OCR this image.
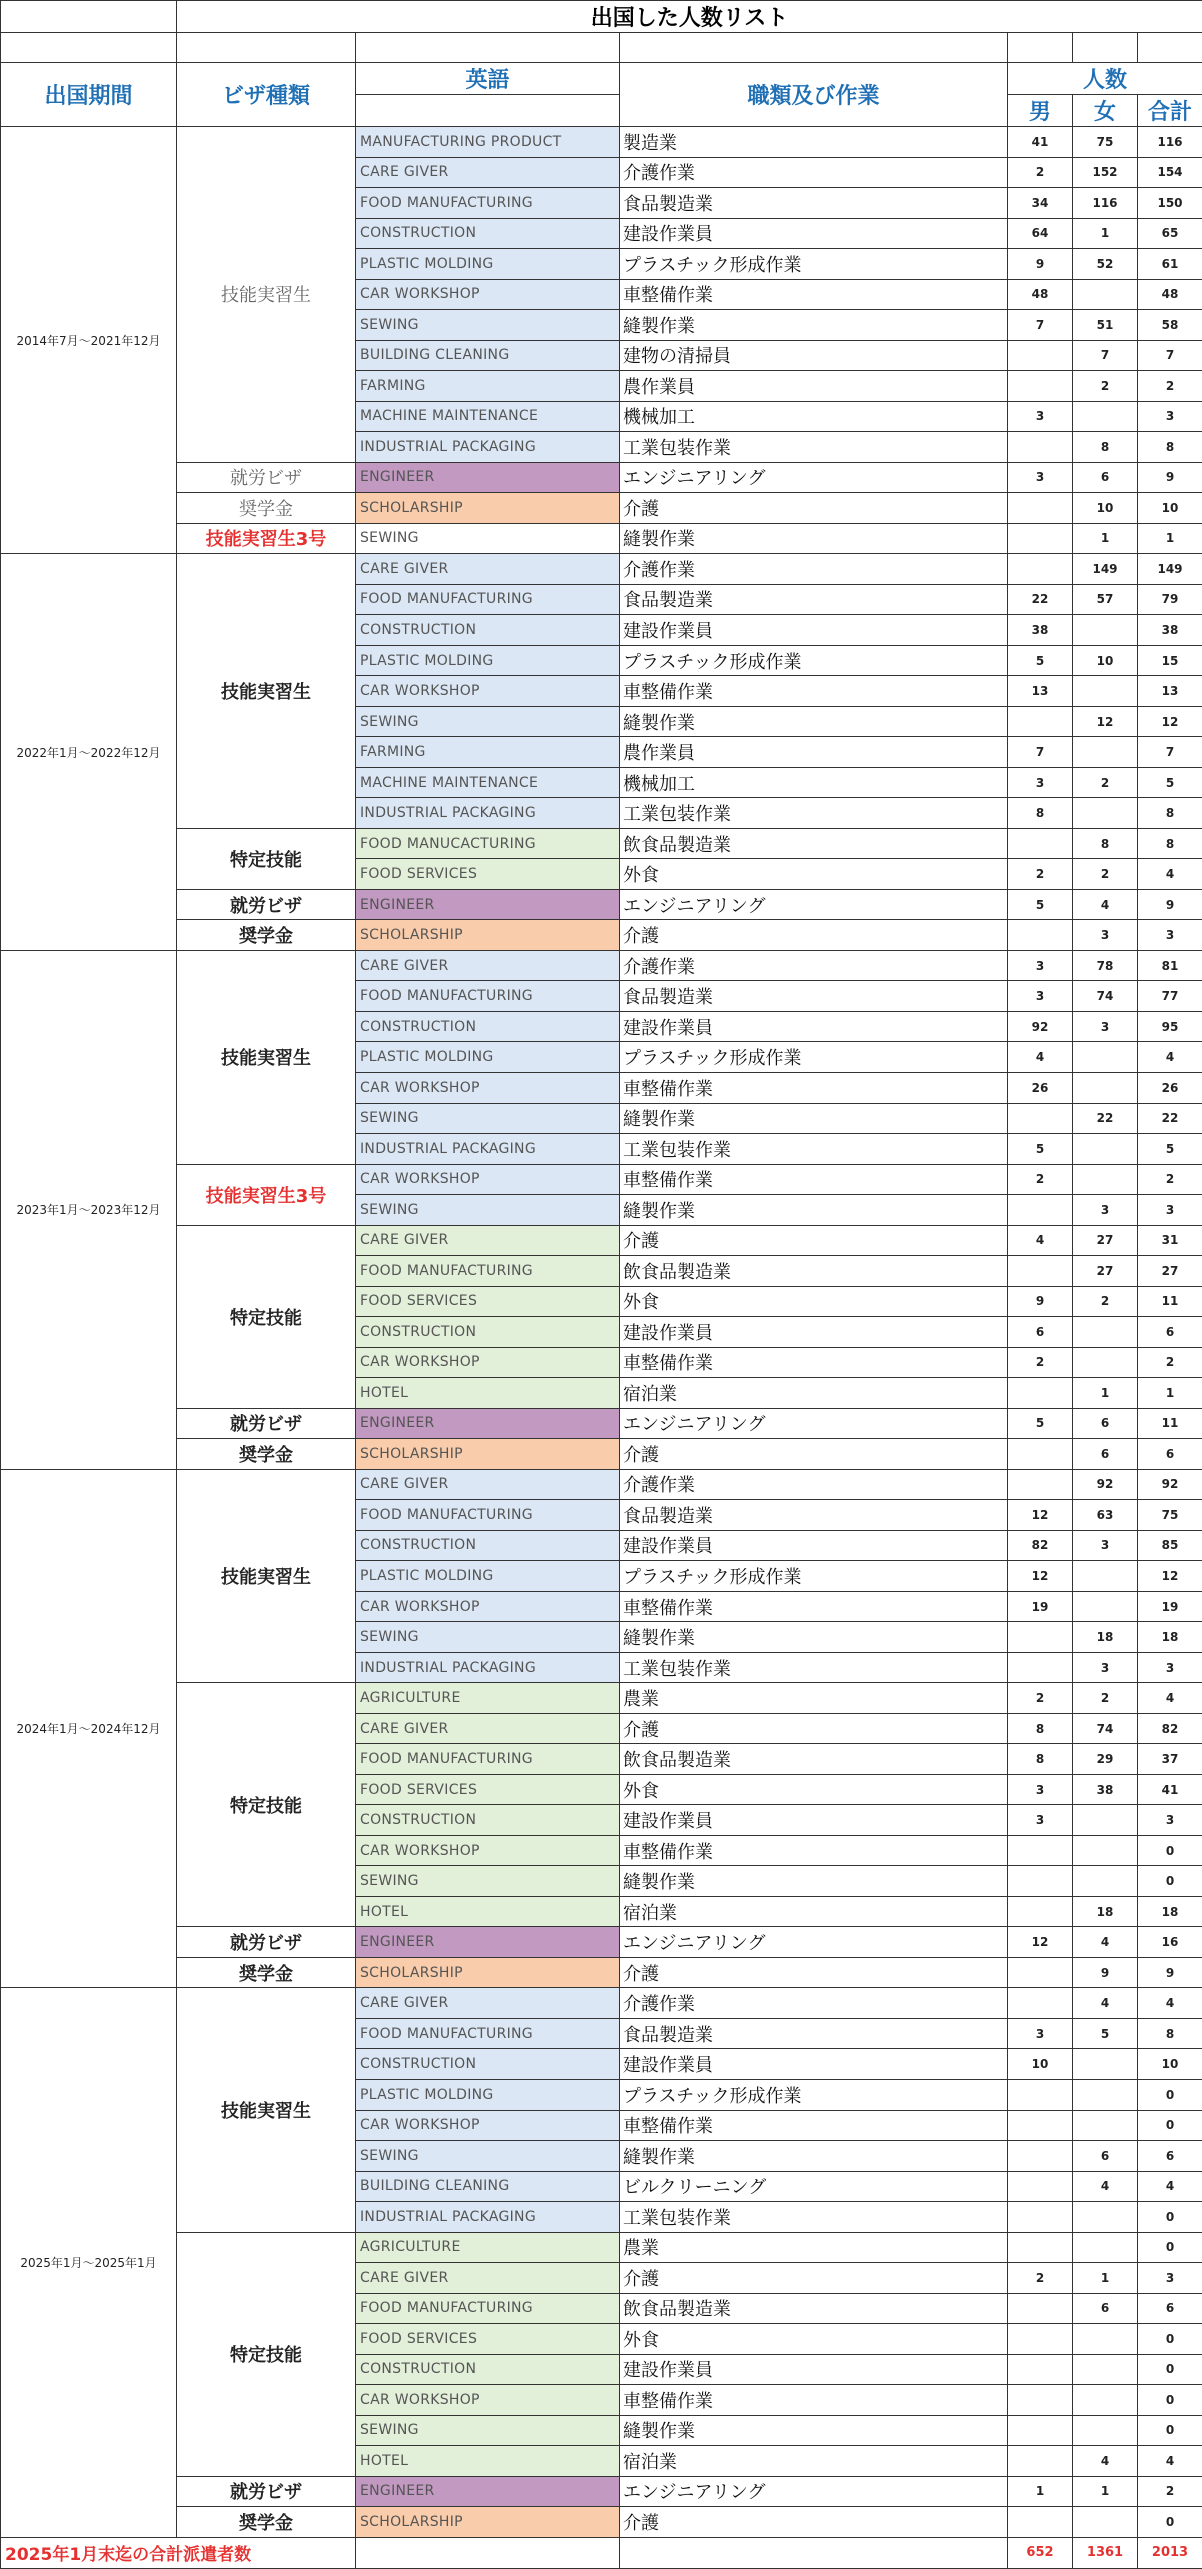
	出国した人数リスト					

出国期間	ビザ種類	英語	職類及び作業	人数		
				男	女	合計
2014年7月～2021年12月	技能実習生	MANUFACTURING PRODUCT	製造業	41	75	116
		CARE GIVER	介護作業	2	152	154
		FOOD MANUFACTURING	食品製造業	34	116	150
		CONSTRUCTION	建設作業員	64	1	65
		PLASTIC MOLDING	プラスチック形成作業	9	52	61
		CAR WORKSHOP	車整備作業	48		48
		SEWING	縫製作業	7	51	58
		BUILDING CLEANING	建物の清掃員		7	7
		FARMING	農作業員		2	2
		MACHINE MAINTENANCE	機械加工	3		3
		INDUSTRIAL PACKAGING	工業包装作業		8	8
	就労ビザ	ENGINEER	エンジニアリング	3	6	9
	奨学金	SCHOLARSHIP	介護		10	10
	技能実習生3号	SEWING	縫製作業		1	1
2022年1月～2022年12月	技能実習生	CARE GIVER	介護作業		149	149
		FOOD MANUFACTURING	食品製造業	22	57	79
		CONSTRUCTION	建設作業員	38		38
		PLASTIC MOLDING	プラスチック形成作業	5	10	15
		CAR WORKSHOP	車整備作業	13		13
		SEWING	縫製作業		12	12
		FARMING	農作業員	7		7
		MACHINE MAINTENANCE	機械加工	3	2	5
		INDUSTRIAL PACKAGING	工業包装作業	8		8
	特定技能	FOOD MANUCACTURING	飲食品製造業		8	8
		FOOD SERVICES	外食	2	2	4
	就労ビザ	ENGINEER	エンジニアリング	5	4	9
	奨学金	SCHOLARSHIP	介護		3	3
2023年1月～2023年12月	技能実習生	CARE GIVER	介護作業	3	78	81
		FOOD MANUFACTURING	食品製造業	3	74	77
		CONSTRUCTION	建設作業員	92	3	95
		PLASTIC MOLDING	プラスチック形成作業	4		4
		CAR WORKSHOP	車整備作業	26		26
		SEWING	縫製作業		22	22
		INDUSTRIAL PACKAGING	工業包装作業	5		5
	技能実習生3号	CAR WORKSHOP	車整備作業	2		2
		SEWING	縫製作業		3	3
	特定技能	CARE GIVER	介護	4	27	31
		FOOD MANUFACTURING	飲食品製造業		27	27
		FOOD SERVICES	外食	9	2	11
		CONSTRUCTION	建設作業員	6		6
		CAR WORKSHOP	車整備作業	2		2
		HOTEL	宿泊業		1	1
	就労ビザ	ENGINEER	エンジニアリング	5	6	11
	奨学金	SCHOLARSHIP	介護		6	6
2024年1月～2024年12月	技能実習生	CARE GIVER	介護作業		92	92
		FOOD MANUFACTURING	食品製造業	12	63	75
		CONSTRUCTION	建設作業員	82	3	85
		PLASTIC MOLDING	プラスチック形成作業	12		12
		CAR WORKSHOP	車整備作業	19		19
		SEWING	縫製作業		18	18
		INDUSTRIAL PACKAGING	工業包装作業		3	3
	特定技能	AGRICULTURE	農業	2	2	4
		CARE GIVER	介護	8	74	82
		FOOD MANUFACTURING	飲食品製造業	8	29	37
		FOOD SERVICES	外食	3	38	41
		CONSTRUCTION	建設作業員	3		3
		CAR WORKSHOP	車整備作業			0
		SEWING	縫製作業			0
		HOTEL	宿泊業		18	18
	就労ビザ	ENGINEER	エンジニアリング	12	4	16
	奨学金	SCHOLARSHIP	介護		9	9
2025年1月～2025年1月	技能実習生	CARE GIVER	介護作業		4	4
		FOOD MANUFACTURING	食品製造業	3	5	8
		CONSTRUCTION	建設作業員	10		10
		PLASTIC MOLDING	プラスチック形成作業			0
		CAR WORKSHOP	車整備作業			0
		SEWING	縫製作業		6	6
		BUILDING CLEANING	ビルクリーニング		4	4
		INDUSTRIAL PACKAGING	工業包装作業			0
	特定技能	AGRICULTURE	農業			0
		CARE GIVER	介護	2	1	3
		FOOD MANUFACTURING	飲食品製造業		6	6
		FOOD SERVICES	外食			0
		CONSTRUCTION	建設作業員			0
		CAR WORKSHOP	車整備作業			0
		SEWING	縫製作業			0
		HOTEL	宿泊業		4	4
	就労ビザ	ENGINEER	エンジニアリング	1	1	2
	奨学金	SCHOLARSHIP	介護			0
2025年1月末迄の合計派遣者数				652	1361	2013
